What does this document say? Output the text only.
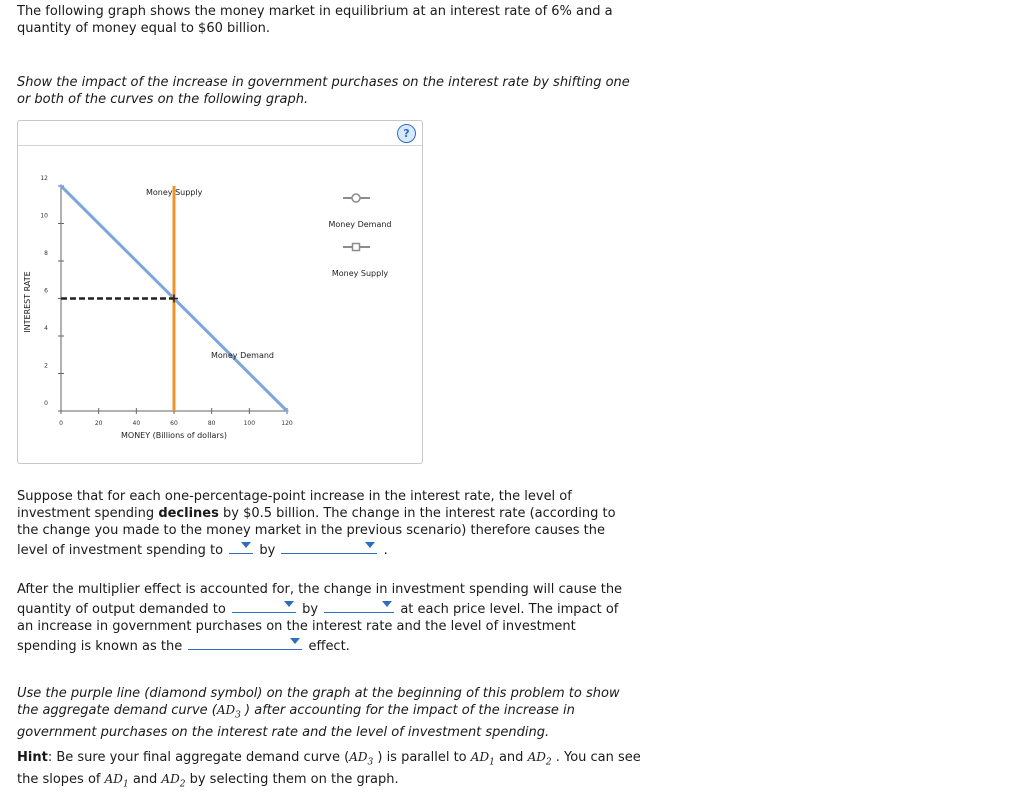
The following graph shows the money market in equilibrium at an interest rate of 6% and a quantity of money equal to $60 billion.

Show the impact of the increase in government purchases on the interest rate by shifting one or both of the curves on the following graph.

?
INTEREST RATE
MONEY (Billions of dollars)
0
2
4
6
8
10
12
0	20	40	60	80	100	120
Money Supply
Money Demand
Money Demand
Money Supply

Suppose that for each one-percentage-point increase in the interest rate, the level of investment spending declines by $0.5 billion. The change in the interest rate (according to the change you made to the money market in the previous scenario) therefore causes the level of investment spending to	by	.

After the multiplier effect is accounted for, the change in investment spending will cause the quantity of output demanded to	by	at each price level. The impact of an increase in government purchases on the interest rate and the level of investment spending is known as the	effect.

Use the purple line (diamond symbol) on the graph at the beginning of this problem to show the aggregate demand curve ($AD_3$ ) after accounting for the impact of the increase in government purchases on the interest rate and the level of investment spending.

Hint: Be sure your final aggregate demand curve ($AD_3$ ) is parallel to $AD_1$ and $AD_2$ . You can see the slopes of $AD_1$ and $AD_2$ by selecting them on the graph.
